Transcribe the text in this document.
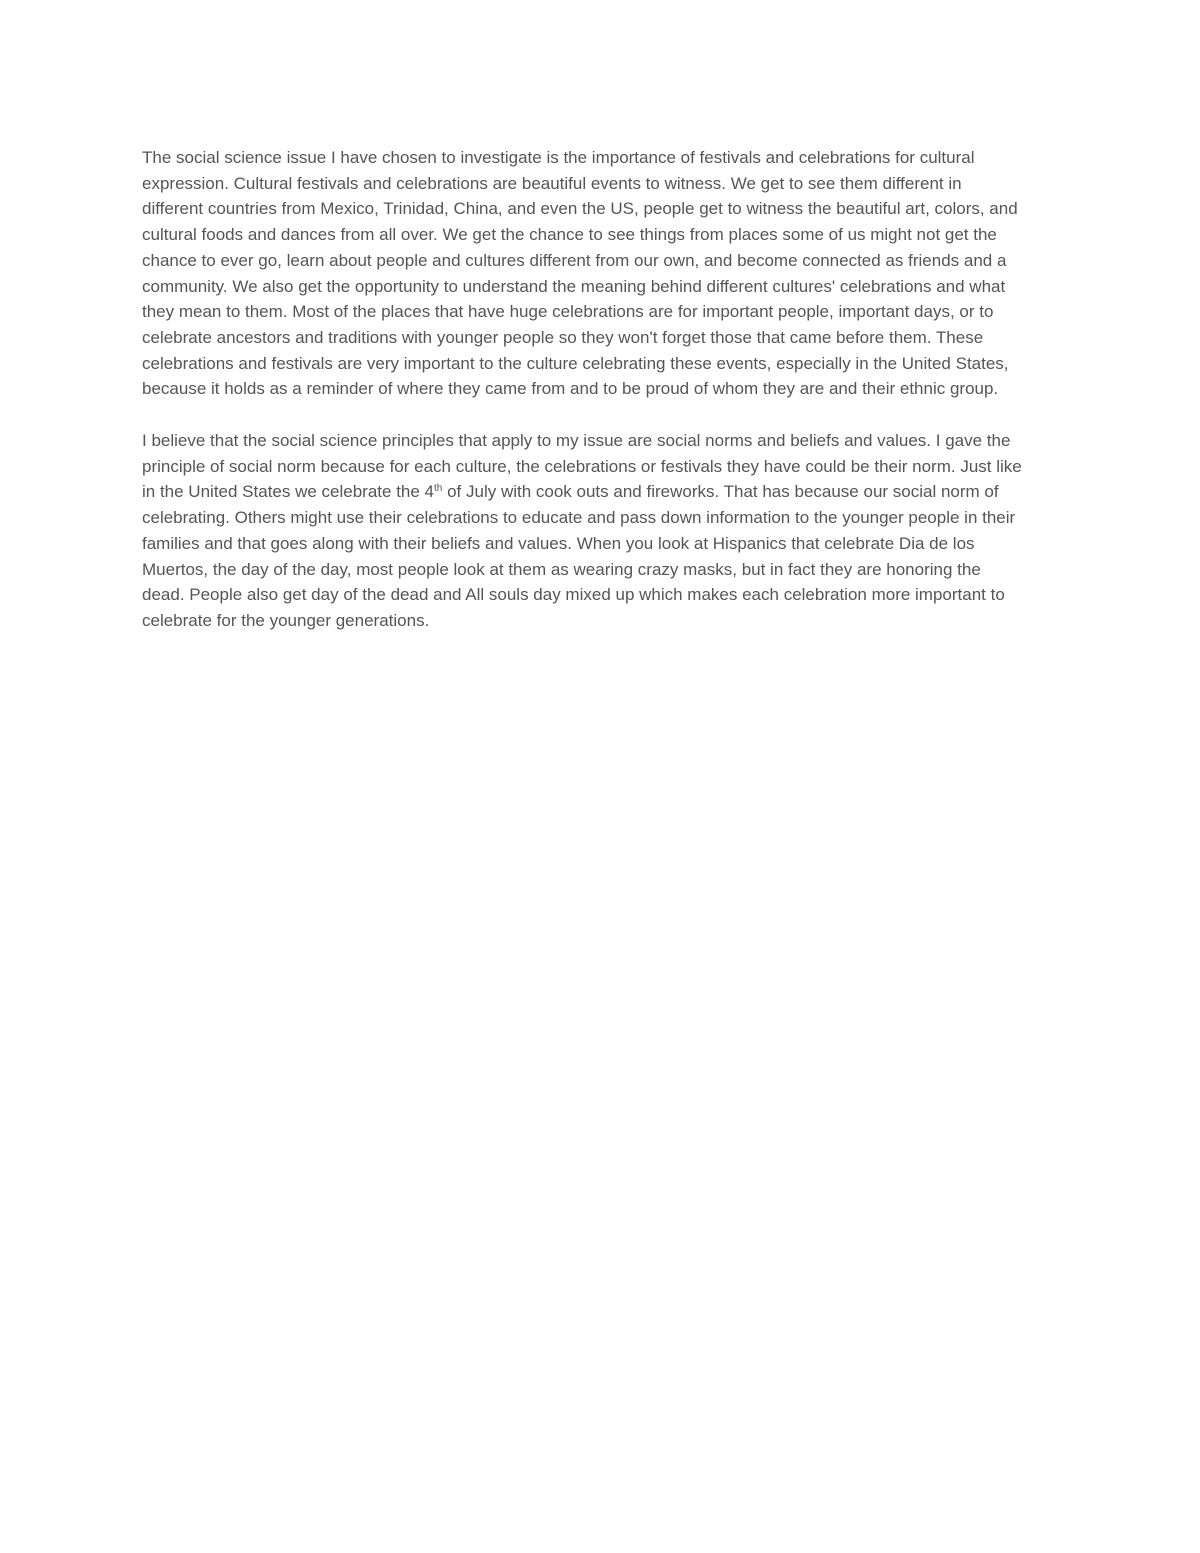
The social science issue I have chosen to investigate is the importance of festivals and celebrations for cultural

expression. Cultural festivals and celebrations are beautiful events to witness. We get to see them different in

different countries from Mexico, Trinidad, China, and even the US, people get to witness the beautiful art, colors, and

cultural foods and dances from all over. We get the chance to see things from places some of us might not get the

chance to ever go, learn about people and cultures different from our own, and become connected as friends and a

community. We also get the opportunity to understand the meaning behind different cultures' celebrations and what

they mean to them. Most of the places that have huge celebrations are for important people, important days, or to

celebrate ancestors and traditions with younger people so they won't forget those that came before them. These

celebrations and festivals are very important to the culture celebrating these events, especially in the United States,

because it holds as a reminder of where they came from and to be proud of whom they are and their ethnic group.

I believe that the social science principles that apply to my issue are social norms and beliefs and values. I gave the

principle of social norm because for each culture, the celebrations or festivals they have could be their norm. Just like

in the United States we celebrate the 4th of July with cook outs and fireworks. That has because our social norm of

celebrating. Others might use their celebrations to educate and pass down information to the younger people in their

families and that goes along with their beliefs and values. When you look at Hispanics that celebrate Dia de los

Muertos, the day of the day, most people look at them as wearing crazy masks, but in fact they are honoring the

dead. People also get day of the dead and All souls day mixed up which makes each celebration more important to

celebrate for the younger generations.
